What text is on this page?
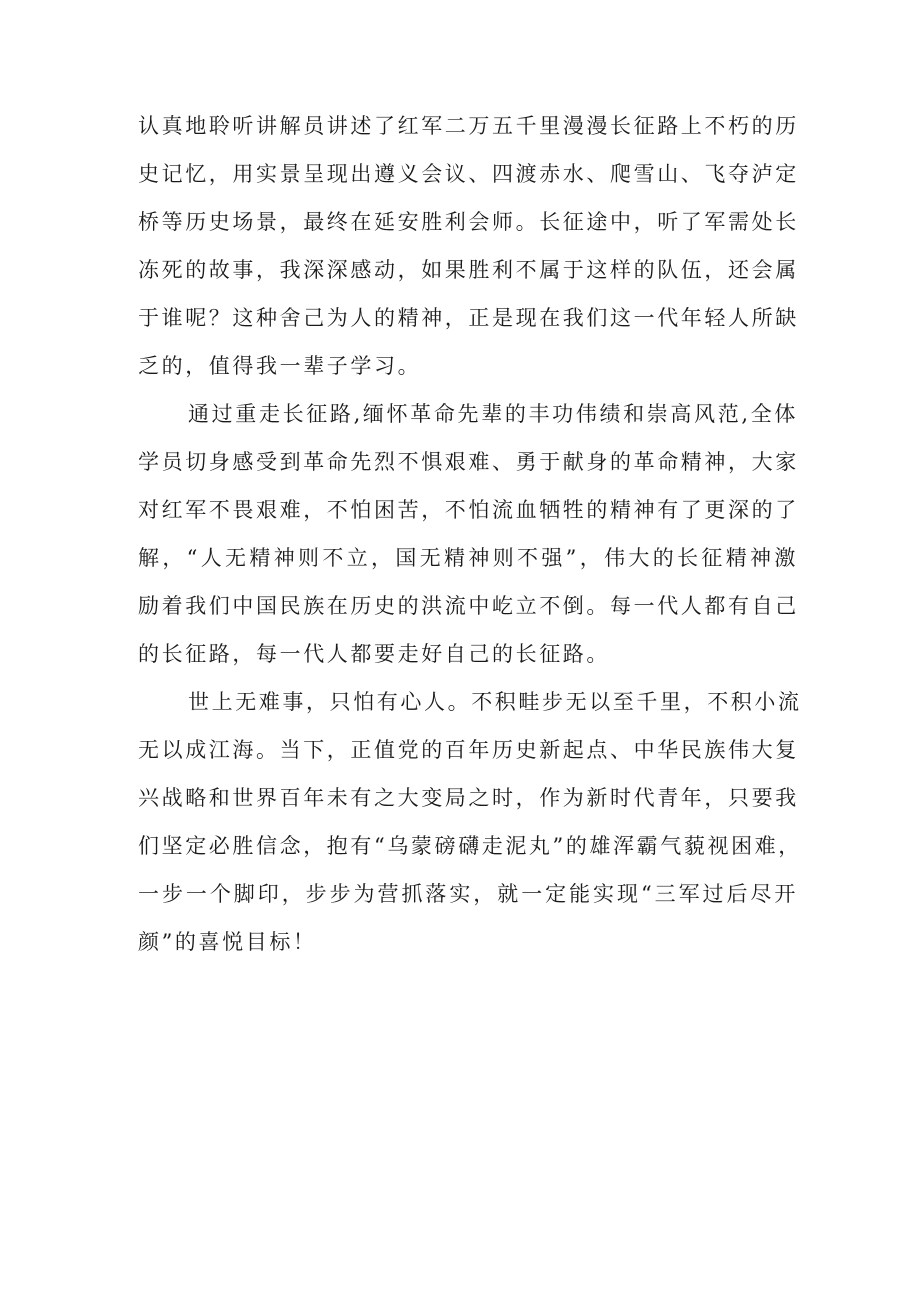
认真地聆听讲解员讲述了红军二万五千里漫漫长征路上不朽的历
史记忆，用实景呈现出遵义会议、四渡赤水、爬雪山、飞夺泸定
桥等历史场景，最终在延安胜利会师。长征途中，听了军需处长
冻死的故事，我深深感动，如果胜利不属于这样的队伍，还会属
于谁呢？这种舍己为人的精神，正是现在我们这一代年轻人所缺
乏的，值得我一辈子学习。
通过重走长征路,缅怀革命先辈的丰功伟绩和崇高风范,全体
学员切身感受到革命先烈不惧艰难、勇于献身的革命精神，大家
对红军不畏艰难，不怕困苦，不怕流血牺牲的精神有了更深的了
解，“人无精神则不立，国无精神则不强”，伟大的长征精神激
励着我们中国民族在历史的洪流中屹立不倒。每一代人都有自己
的长征路，每一代人都要走好自己的长征路。
世上无难事，只怕有心人。不积畦步无以至千里，不积小流
无以成江海。当下，正值党的百年历史新起点、中华民族伟大复
兴战略和世界百年未有之大变局之时，作为新时代青年，只要我
们坚定必胜信念，抱有“乌蒙磅礴走泥丸”的雄浑霸气藐视困难，
一步一个脚印，步步为营抓落实，就一定能实现“三军过后尽开
颜”的喜悦目标！
